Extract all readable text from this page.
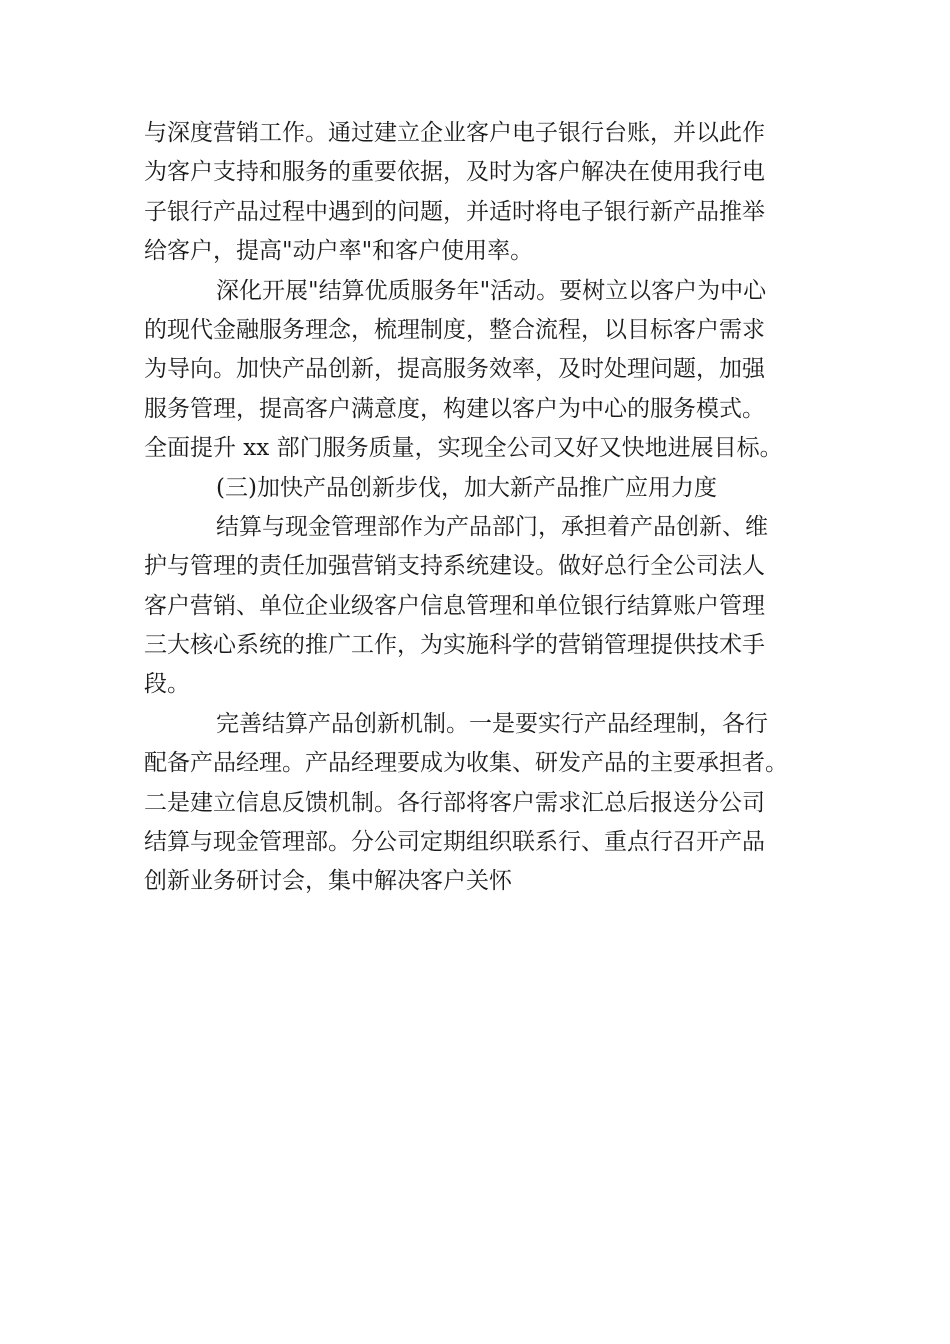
与深度营销工作。通过建立企业客户电子银行台账，并以此作
为客户支持和服务的重要依据，及时为客户解决在使用我行电
子银行产品过程中遇到的问题，并适时将电子银行新产品推举
给客户，提高"动户率"和客户使用率。
深化开展"结算优质服务年"活动。要树立以客户为中心
的现代金融服务理念，梳理制度，整合流程，以目标客户需求
为导向。加快产品创新，提高服务效率，及时处理问题，加强
服务管理，提高客户满意度，构建以客户为中心的服务模式。
全面提升 xx 部门服务质量，实现全公司又好又快地进展目标。
(三)加快产品创新步伐，加大新产品推广应用力度
结算与现金管理部作为产品部门，承担着产品创新、维
护与管理的责任加强营销支持系统建设。做好总行全公司法人
客户营销、单位企业级客户信息管理和单位银行结算账户管理
三大核心系统的推广工作，为实施科学的营销管理提供技术手
段。
完善结算产品创新机制。一是要实行产品经理制，各行
配备产品经理。产品经理要成为收集、研发产品的主要承担者。
二是建立信息反馈机制。各行部将客户需求汇总后报送分公司
结算与现金管理部。分公司定期组织联系行、重点行召开产品
创新业务研讨会，集中解决客户关怀
